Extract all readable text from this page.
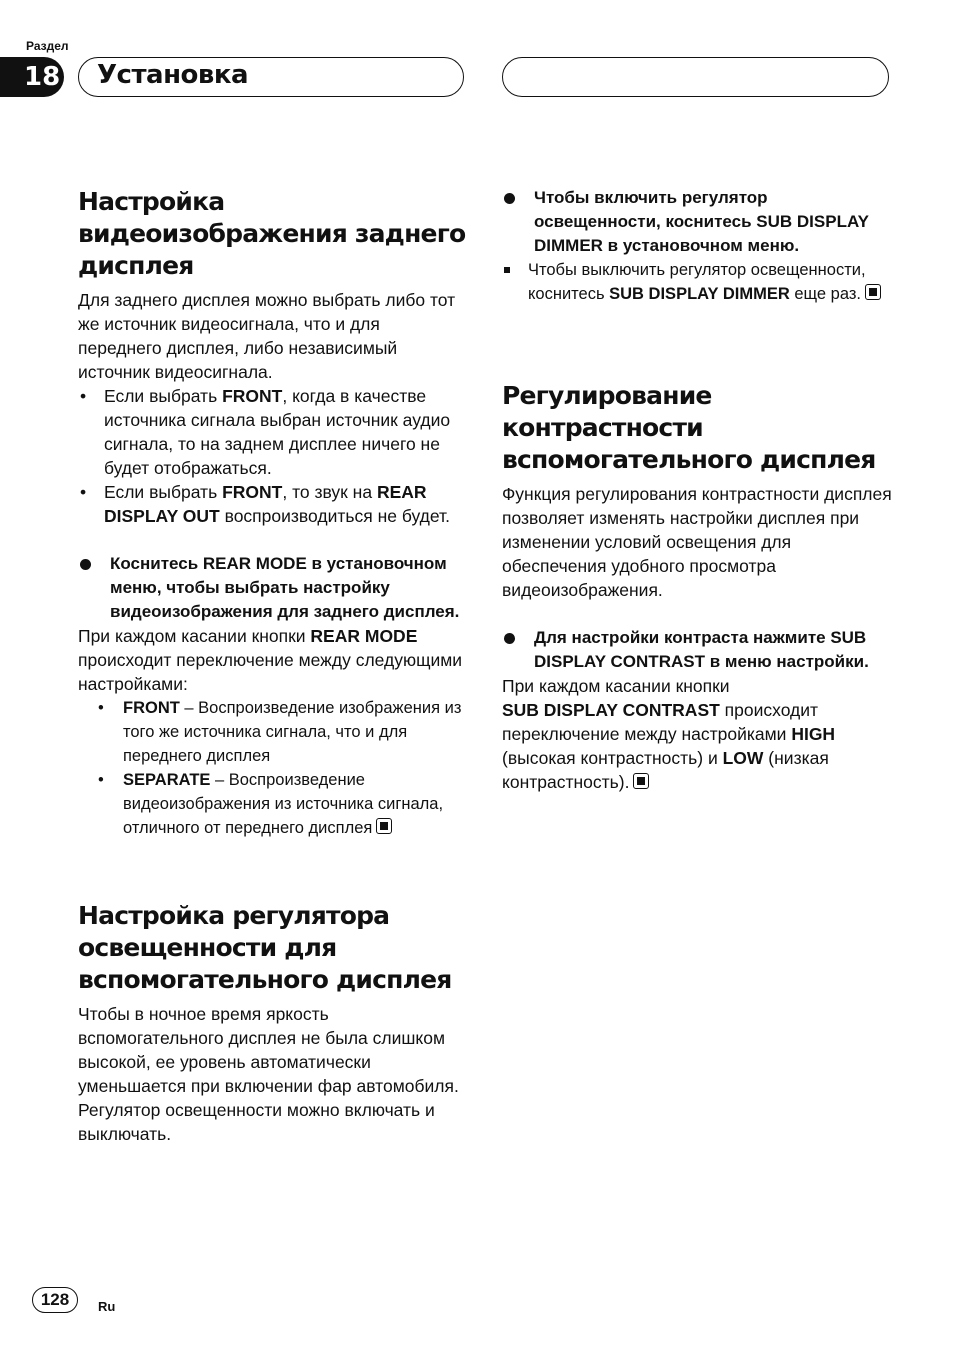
Раздел
18 Установка
Настройка видеоизображения заднего дисплея

Для заднего дисплея можно выбрать либо тот же источник видеосигнала, что и для переднего дисплея, либо независимый источник видеосигнала.

• Если выбрать FRONT, когда в качестве источника сигнала выбран источник аудио сигнала, то на заднем дисплее ничего не будет отображаться.
• Если выбрать FRONT, то звук на REAR DISPLAY OUT воспроизводиться не будет.
Коснитесь REAR MODE в установочном меню, чтобы выбрать настройку видеоизображения для заднего дисплея.

При каждом касании кнопки REAR MODE происходит переключение между следующими настройками:

• FRONT – Воспроизведение изображения из того же источника сигнала, что и для переднего дисплея
• SEPARATE – Воспроизведение видеоизображения из источника сигнала, отличного от переднего дисплея
Настройка регулятора освещенности для вспомогательного дисплея

Чтобы в ночное время яркость вспомогательного дисплея не была слишком высокой, ее уровень автоматически уменьшается при включении фар автомобиля. Регулятор освещенности можно включать и выключать.

Чтобы включить регулятор освещенности, коснитесь SUB DISPLAY DIMMER в установочном меню.
Чтобы выключить регулятор освещенности, коснитесь SUB DISPLAY DIMMER еще раз.
Регулирование контрастности вспомогательного дисплея

Функция регулирования контрастности дисплея позволяет изменять настройки дисплея при изменении условий освещения для обеспечения удобного просмотра видеоизображения.

Для настройки контраста нажмите SUB DISPLAY CONTRAST в меню настройки.

При каждом касании кнопки
SUB DISPLAY CONTRAST происходит переключение между настройками HIGH (высокая контрастность) и LOW (низкая контрастность).

128 Ru
